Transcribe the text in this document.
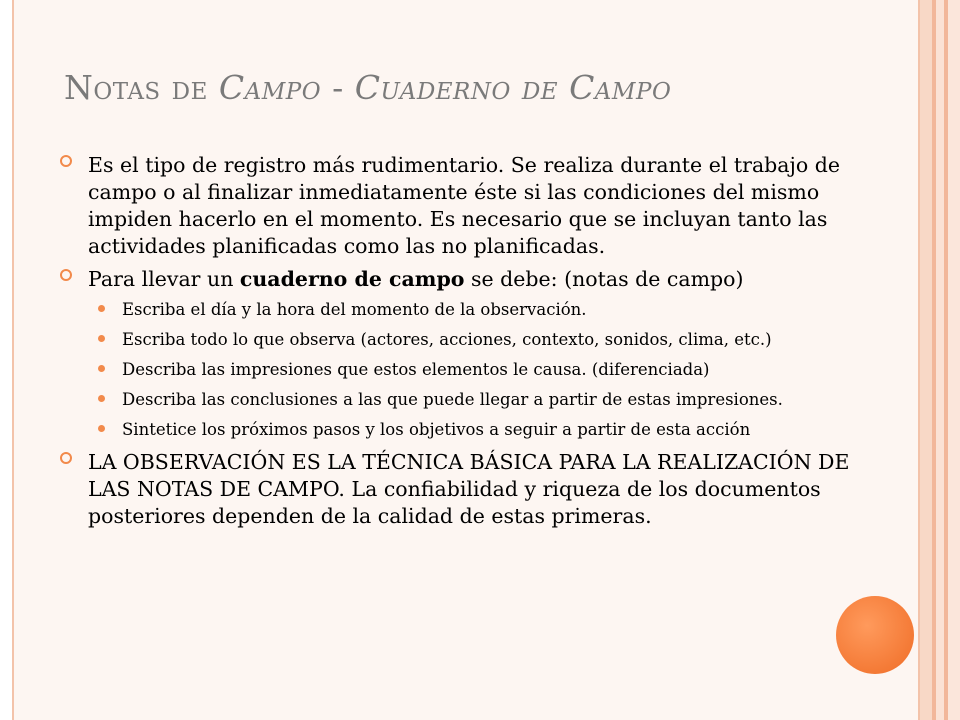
Notas de Campo - Cuaderno de Campo
Es el tipo de registro más rudimentario. Se realiza durante el trabajo de campo o al finalizar inmediatamente éste si las condiciones del mismo impiden hacerlo en el momento. Es necesario que se incluyan tanto las actividades planificadas como las no planificadas.
Para llevar un cuaderno de campo se debe: (notas de campo)
Escriba el día y la hora del momento de la observación.
Escriba todo lo que observa (actores, acciones, contexto, sonidos, clima, etc.)
Describa las impresiones que estos elementos le causa. (diferenciada)
Describa las conclusiones a las que puede llegar a partir de estas impresiones.
Sintetice los próximos pasos y los objetivos a seguir a partir de esta acción
LA OBSERVACIÓN ES LA TÉCNICA BÁSICA PARA LA REALIZACIÓN DE LAS NOTAS DE CAMPO. La confiabilidad y riqueza de los documentos posteriores dependen de la calidad de estas primeras.
